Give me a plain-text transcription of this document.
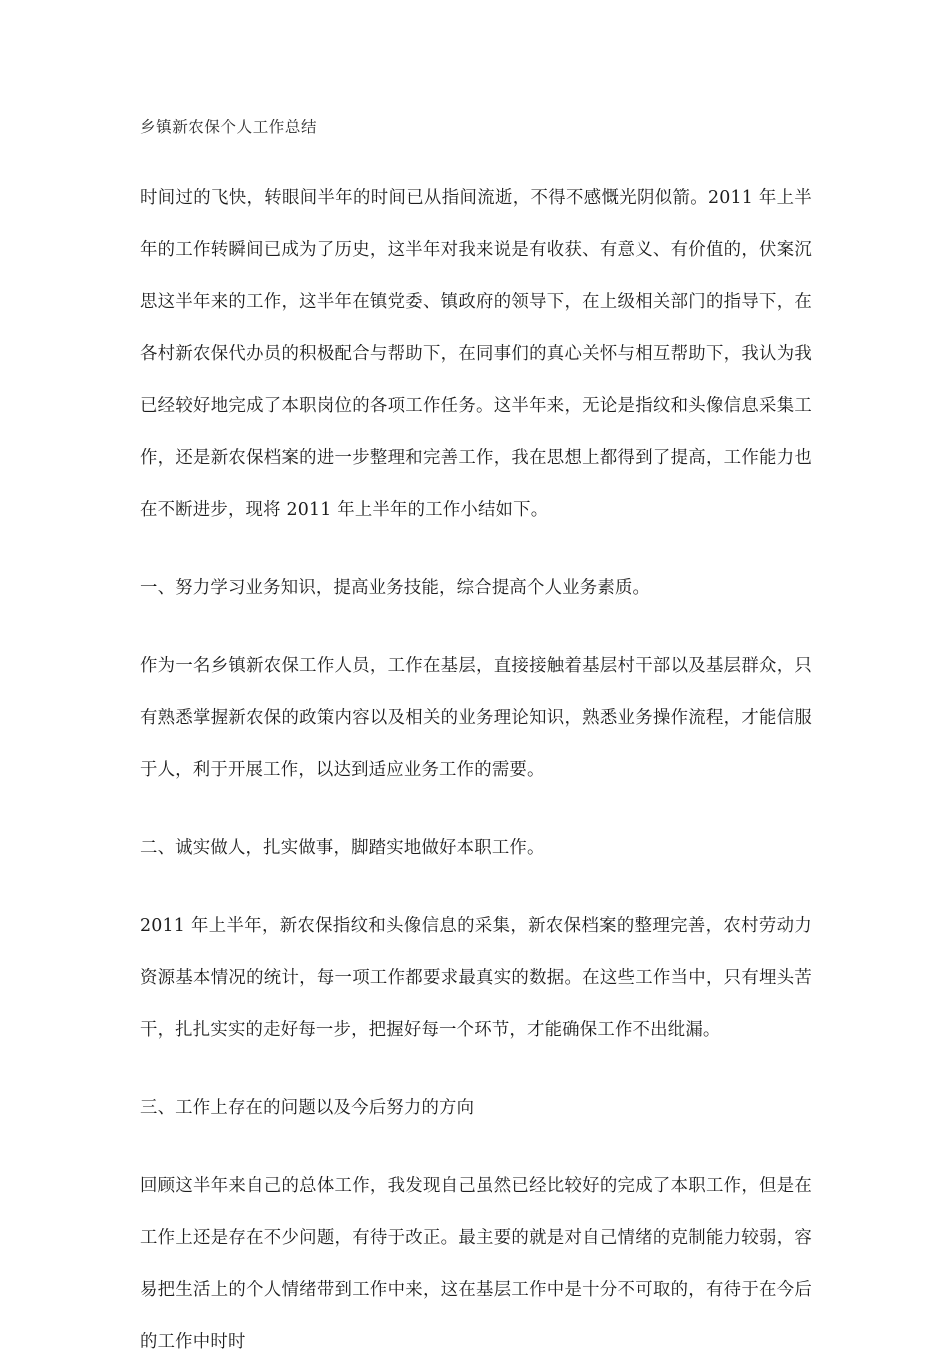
乡镇新农保个人工作总结

时间过的飞快，转眼间半年的时间已从指间流逝，不得不感慨光阴似箭。2011 年上半年的工作转瞬间已成为了历史，这半年对我来说是有收获、有意义、有价值的，伏案沉思这半年来的工作，这半年在镇党委、镇政府的领导下，在上级相关部门的指导下，在各村新农保代办员的积极配合与帮助下，在同事们的真心关怀与相互帮助下，我认为我已经较好地完成了本职岗位的各项工作任务。这半年来，无论是指纹和头像信息采集工作，还是新农保档案的进一步整理和完善工作，我在思想上都得到了提高，工作能力也在不断进步，现将 2011 年上半年的工作小结如下。

一、努力学习业务知识，提高业务技能，综合提高个人业务素质。

作为一名乡镇新农保工作人员，工作在基层，直接接触着基层村干部以及基层群众，只有熟悉掌握新农保的政策内容以及相关的业务理论知识，熟悉业务操作流程，才能信服于人，利于开展工作，以达到适应业务工作的需要。

二、诚实做人，扎实做事，脚踏实地做好本职工作。

2011 年上半年，新农保指纹和头像信息的采集，新农保档案的整理完善，农村劳动力资源基本情况的统计，每一项工作都要求最真实的数据。在这些工作当中，只有埋头苦干，扎扎实实的走好每一步，把握好每一个环节，才能确保工作不出纰漏。

三、工作上存在的问题以及今后努力的方向

回顾这半年来自己的总体工作，我发现自己虽然已经比较好的完成了本职工作，但是在工作上还是存在不少问题，有待于改正。最主要的就是对自己情绪的克制能力较弱，容易把生活上的个人情绪带到工作中来，这在基层工作中是十分不可取的，有待于在今后的工作中时时
